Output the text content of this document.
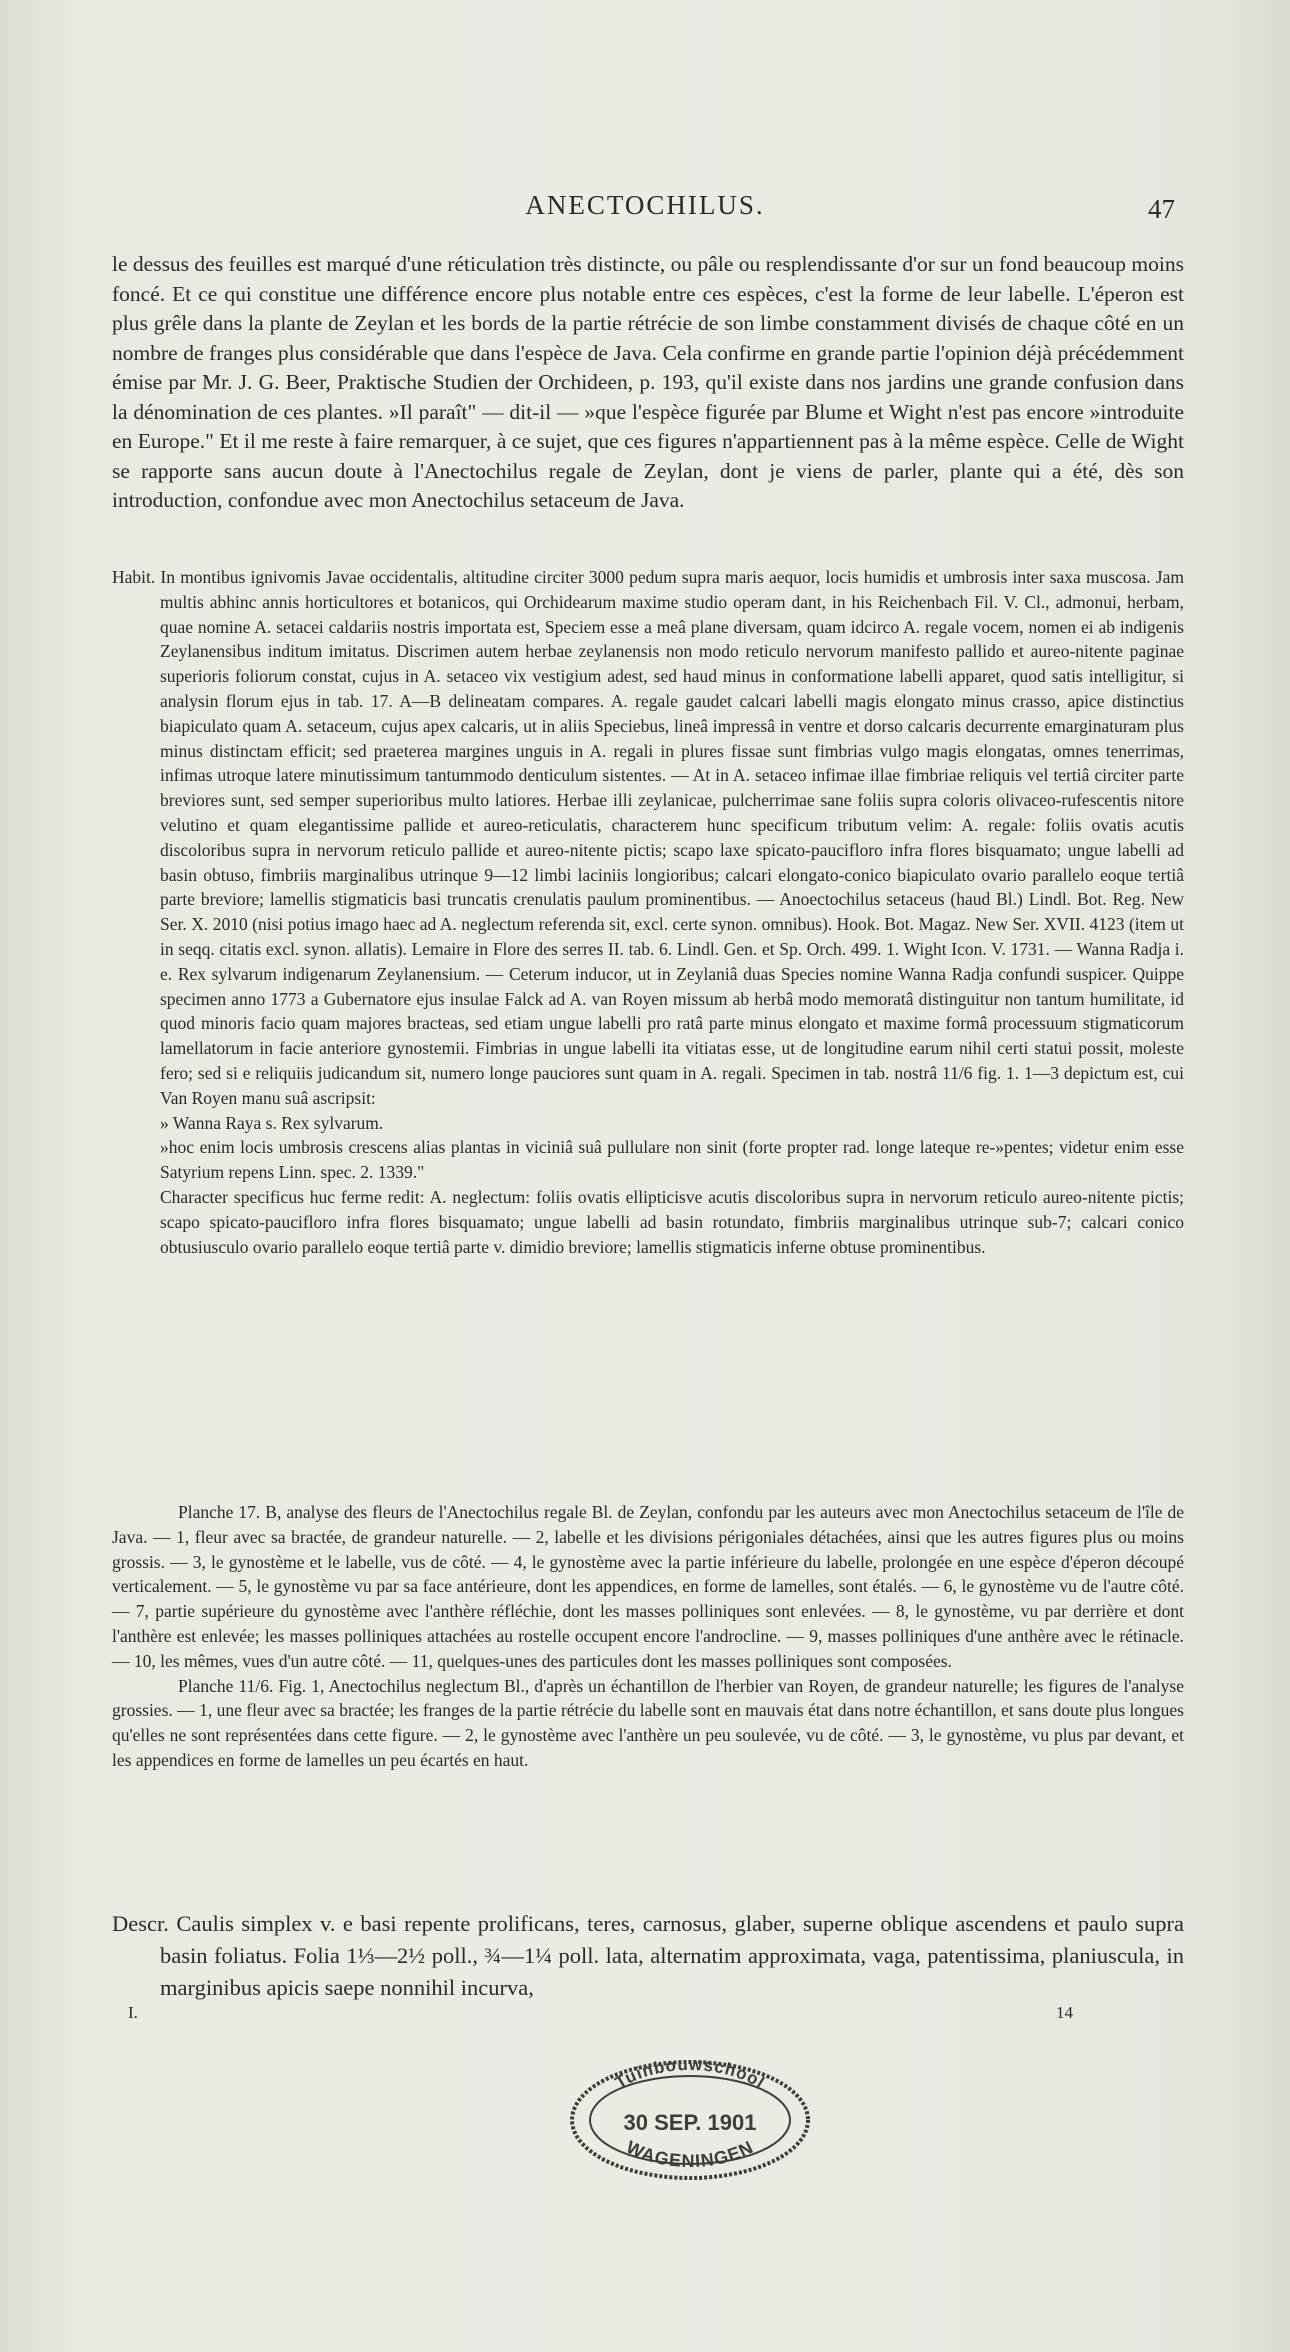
ANECTOCHILUS.	47

le dessus des feuilles est marqué d'une réticulation très distincte, ou pâle ou resplendissante d'or sur un fond beaucoup moins foncé. Et ce qui constitue une différence encore plus notable entre ces espèces, c'est la forme de leur labelle. L'éperon est plus grêle dans la plante de Zeylan et les bords de la partie rétrécie de son limbe constamment divisés de chaque côté en un nombre de franges plus considérable que dans l'espèce de Java. Cela confirme en grande partie l'opinion déjà précédemment émise par Mr. J. G. Beer, Praktische Studien der Orchideen, p. 193, qu'il existe dans nos jardins une grande confusion dans la dénomination de ces plantes. »Il paraît" — dit-il — »que l'espèce figurée par Blume et Wight n'est pas encore »introduite en Europe." Et il me reste à faire remarquer, à ce sujet, que ces figures n'appartiennent pas à la même espèce. Celle de Wight se rapporte sans aucun doute à l'Anectochilus regale de Zeylan, dont je viens de parler, plante qui a été, dès son introduction, confondue avec mon Anectochilus setaceum de Java.

Habit. In montibus ignivomis Javae occidentalis, altitudine circiter 3000 pedum supra maris aequor, locis humidis et umbrosis inter saxa muscosa. Jam multis abhinc annis horticultores et botanicos, qui Orchidearum maxime studio operam dant, in his Reichenbach Fil. V. Cl., admonui, herbam, quae nomine A. setacei caldariis nostris importata est, Speciem esse a meâ plane diversam, quam idcirco A. regale vocem, nomen ei ab indigenis Zeylanensibus inditum imitatus. Discrimen autem herbae zeylanensis non modo reticulo nervorum manifesto pallido et aureo-nitente paginae superioris foliorum constat, cujus in A. setaceo vix vestigium adest, sed haud minus in conformatione labelli apparet, quod satis intelligitur, si analysin florum ejus in tab. 17. A—B delineatam compares. A. regale gaudet calcari labelli magis elongato minus crasso, apice distinctius biapiculato quam A. setaceum, cujus apex calcaris, ut in aliis Speciebus, lineâ impressâ in ventre et dorso calcaris decurrente emarginaturam plus minus distinctam efficit; sed praeterea margines unguis in A. regali in plures fissae sunt fimbrias vulgo magis elongatas, omnes tenerrimas, infimas utroque latere minutissimum tantummodo denticulum sistentes. — At in A. setaceo infimae illae fimbriae reliquis vel tertiâ circiter parte breviores sunt, sed semper superioribus multo latiores. Herbae illi zeylanicae, pulcherrimae sane foliis supra coloris olivaceo-rufescentis nitore velutino et quam elegantissime pallide et aureo-reticulatis, characterem hunc specificum tributum velim: A. regale: foliis ovatis acutis discoloribus supra in nervorum reticulo pallide et aureo-nitente pictis; scapo laxe spicato-paucifloro infra flores bisquamato; ungue labelli ad basin obtuso, fimbriis marginalibus utrinque 9—12 limbi laciniis longioribus; calcari elongato-conico biapiculato ovario parallelo eoque tertiâ parte breviore; lamellis stigmaticis basi truncatis crenulatis paulum prominentibus. — Anoectochilus setaceus (haud Bl.) Lindl. Bot. Reg. New Ser. X. 2010 (nisi potius imago haec ad A. neglectum referenda sit, excl. certe synon. omnibus). Hook. Bot. Magaz. New Ser. XVII. 4123 (item ut in seqq. citatis excl. synon. allatis). Lemaire in Flore des serres II. tab. 6. Lindl. Gen. et Sp. Orch. 499. 1. Wight Icon. V. 1731. — Wanna Radja i. e. Rex sylvarum indigenarum Zeylanensium. — Ceterum inducor, ut in Zeylaniâ duas Species nomine Wanna Radja confundi suspicer. Quippe specimen anno 1773 a Gubernatore ejus insulae Falck ad A. van Royen missum ab herbâ modo memoratâ distinguitur non tantum humilitate, id quod minoris facio quam majores bracteas, sed etiam ungue labelli pro ratâ parte minus elongato et maxime formâ processuum stigmaticorum lamellatorum in facie anteriore gynostemii. Fimbrias in ungue labelli ita vitiatas esse, ut de longitudine earum nihil certi statui possit, moleste fero; sed si e reliquiis judicandum sit, numero longe pauciores sunt quam in A. regali. Specimen in tab. nostrâ 11/6 fig. 1. 1—3 depictum est, cui Van Royen manu suâ ascripsit:

» Wanna Raya s. Rex sylvarum.

»hoc enim locis umbrosis crescens alias plantas in viciniâ suâ pullulare non sinit (forte propter rad. longe lateque re-»pentes; videtur enim esse Satyrium repens Linn. spec. 2. 1339."

Character specificus huc ferme redit: A. neglectum: foliis ovatis ellipticisve acutis discoloribus supra in nervorum reticulo aureo-nitente pictis; scapo spicato-paucifloro infra flores bisquamato; ungue labelli ad basin rotundato, fimbriis marginalibus utrinque sub-7; calcari conico obtusiusculo ovario parallelo eoque tertiâ parte v. dimidio breviore; lamellis stigmaticis inferne obtuse prominentibus.

Planche 17. B, analyse des fleurs de l'Anectochilus regale Bl. de Zeylan, confondu par les auteurs avec mon Anectochilus setaceum de l'île de Java. — 1, fleur avec sa bractée, de grandeur naturelle. — 2, labelle et les divisions périgoniales détachées, ainsi que les autres figures plus ou moins grossis. — 3, le gynostème et le labelle, vus de côté. — 4, le gynostème avec la partie inférieure du labelle, prolongée en une espèce d'éperon découpé verticalement. — 5, le gynostème vu par sa face antérieure, dont les appendices, en forme de lamelles, sont étalés. — 6, le gynostème vu de l'autre côté. — 7, partie supérieure du gynostème avec l'anthère réfléchie, dont les masses polliniques sont enlevées. — 8, le gynostème, vu par derrière et dont l'anthère est enlevée; les masses polliniques attachées au rostelle occupent encore l'androcline. — 9, masses polliniques d'une anthère avec le rétinacle. — 10, les mêmes, vues d'un autre côté. — 11, quelques-unes des particules dont les masses polliniques sont composées.

Planche 11/6. Fig. 1, Anectochilus neglectum Bl., d'après un échantillon de l'herbier van Royen, de grandeur naturelle; les figures de l'analyse grossies. — 1, une fleur avec sa bractée; les franges de la partie rétrécie du labelle sont en mauvais état dans notre échantillon, et sans doute plus longues qu'elles ne sont représentées dans cette figure. — 2, le gynostème avec l'anthère un peu soulevée, vu de côté. — 3, le gynostème, vu plus par devant, et les appendices en forme de lamelles un peu écartés en haut.

Descr. Caulis simplex v. e basi repente prolificans, teres, carnosus, glaber, superne oblique ascendens et paulo supra basin foliatus. Folia 1⅓—2½ poll., ¾—1¼ poll. lata, alternatim approximata, vaga, patentissima, planiuscula, in marginibus apicis saepe nonnihil incurva,

I.	14
Tuinbouwschool
30 SEP. 1901
WAGENINGEN
